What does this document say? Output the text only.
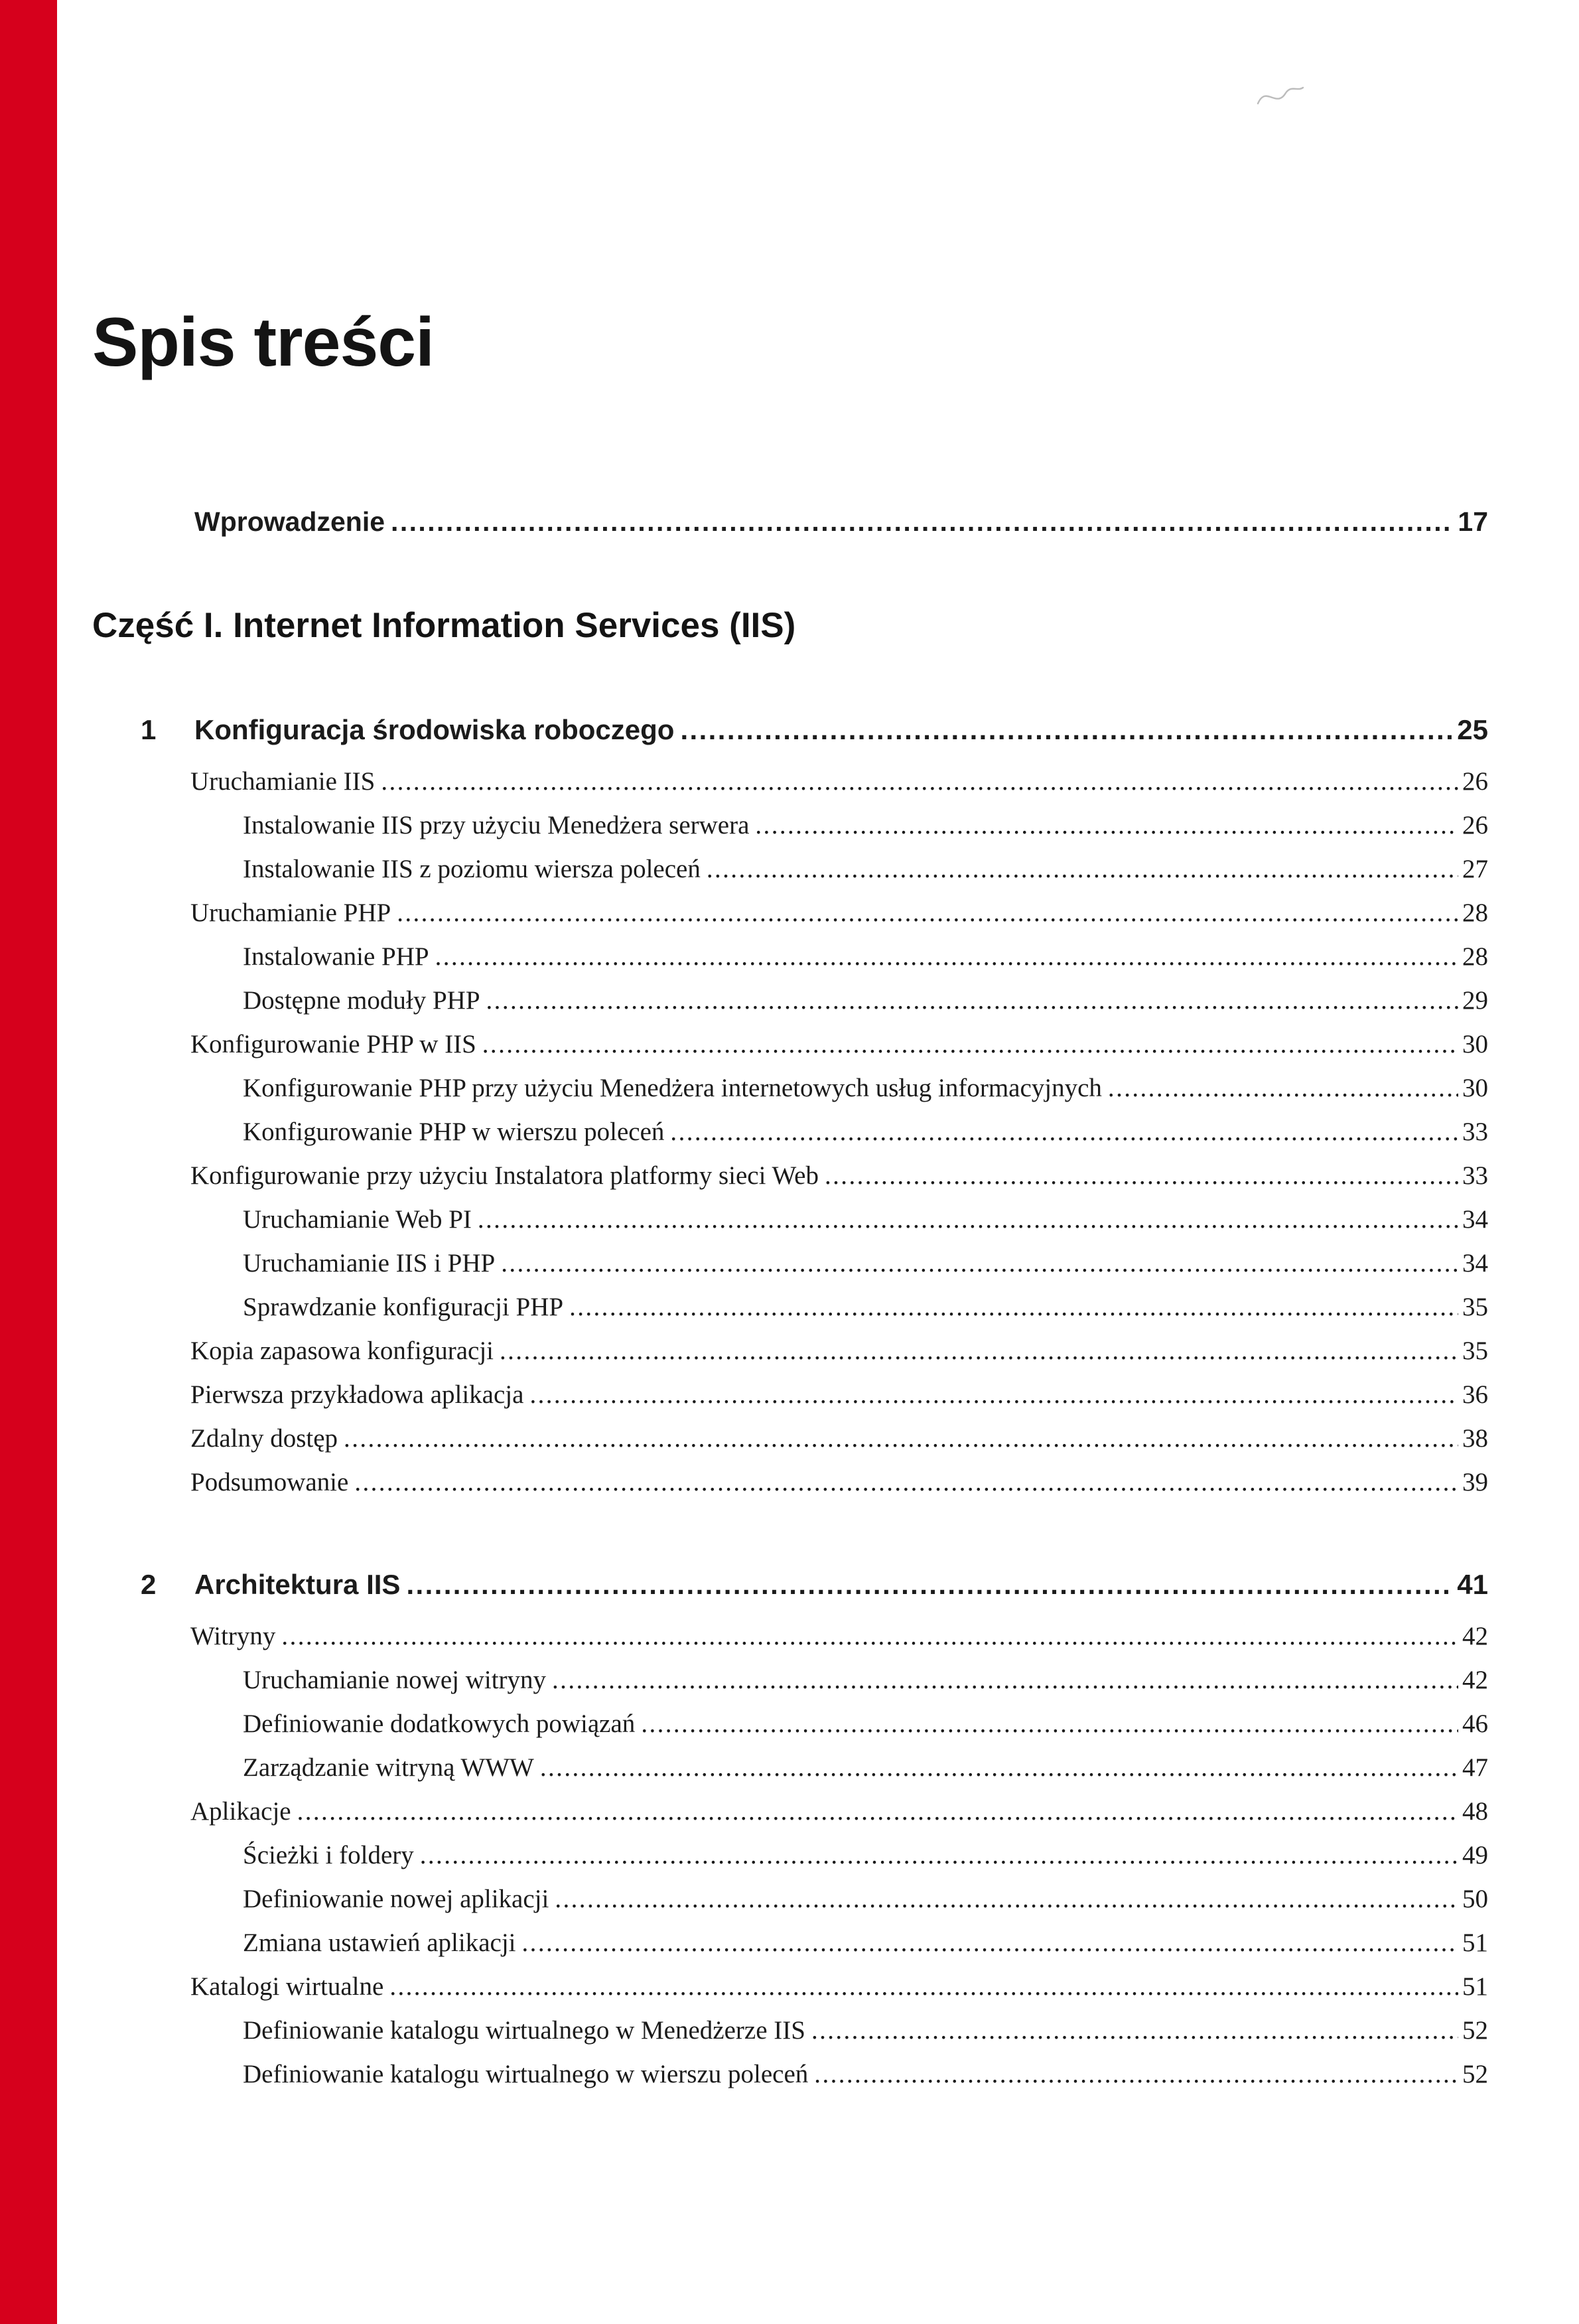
Spis treści
Wprowadzenie .....	17
Część I. Internet Information Services (IIS)
1	Konfiguracja środowiska roboczego .....	25
Uruchamianie IIS .....	26
Instalowanie IIS przy użyciu Menedżera serwera .....	26
Instalowanie IIS z poziomu wiersza poleceń .....	27
Uruchamianie PHP .....	28
Instalowanie PHP .....	28
Dostępne moduły PHP .....	29
Konfigurowanie PHP w IIS .....	30
Konfigurowanie PHP przy użyciu Menedżera internetowych usług informacyjnych .....	30
Konfigurowanie PHP w wierszu poleceń .....	33
Konfigurowanie przy użyciu Instalatora platformy sieci Web .....	33
Uruchamianie Web PI .....	34
Uruchamianie IIS i PHP .....	34
Sprawdzanie konfiguracji PHP .....	35
Kopia zapasowa konfiguracji .....	35
Pierwsza przykładowa aplikacja .....	36
Zdalny dostęp .....	38
Podsumowanie .....	39
2	Architektura IIS .....	41
Witryny .....	42
Uruchamianie nowej witryny .....	42
Definiowanie dodatkowych powiązań .....	46
Zarządzanie witryną WWW .....	47
Aplikacje .....	48
Ścieżki i foldery .....	49
Definiowanie nowej aplikacji .....	50
Zmiana ustawień aplikacji .....	51
Katalogi wirtualne .....	51
Definiowanie katalogu wirtualnego w Menedżerze IIS .....	52
Definiowanie katalogu wirtualnego w wierszu poleceń .....	52
